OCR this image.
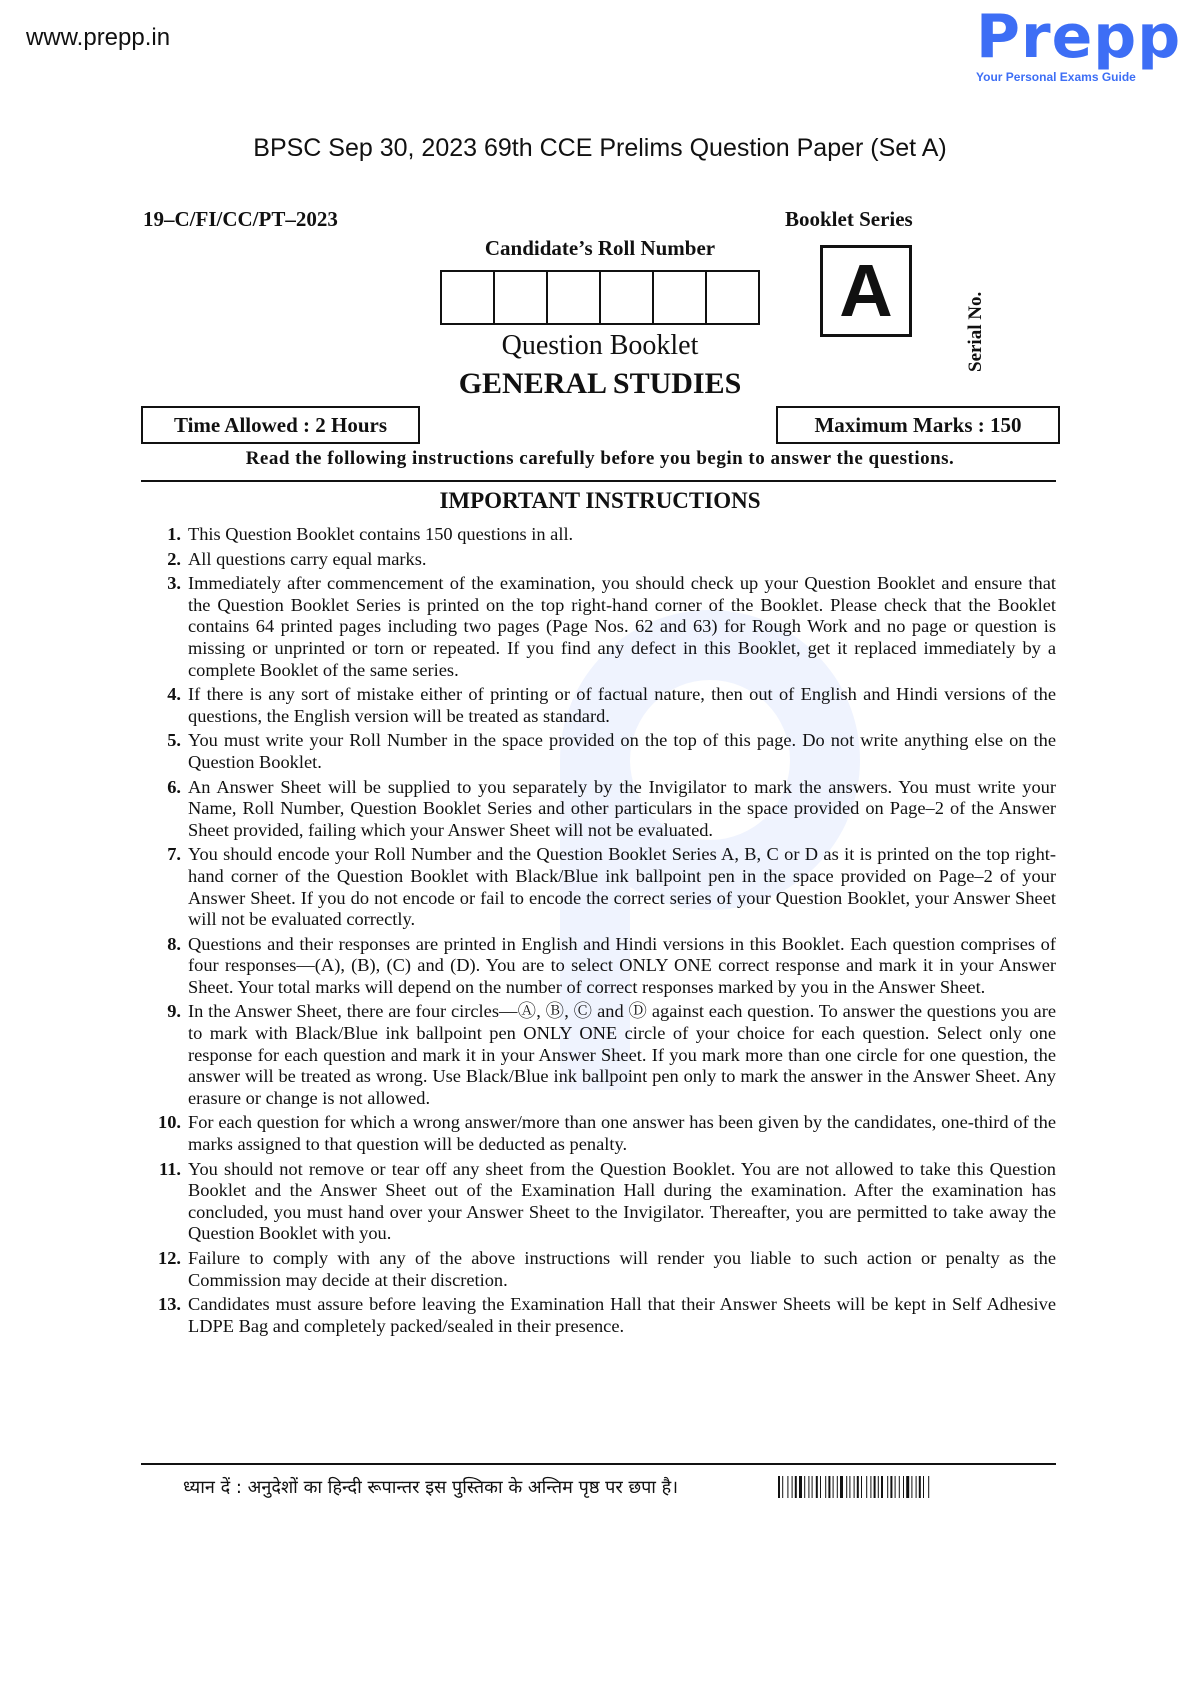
www.prepp.in	Prepp
Your Personal Exams Guide
BPSC Sep 30, 2023 69th CCE Prelims Question Paper (Set A)
19–C/FI/CC/PT–2023	Booklet Series
Candidate’s Roll Number
A	Serial No.
Question Booklet
GENERAL STUDIES
Time Allowed : 2 Hours	Maximum Marks : 150
Read the following instructions carefully before you begin to answer the questions.
IMPORTANT INSTRUCTIONS
1. This Question Booklet contains 150 questions in all.
2. All questions carry equal marks.
3. Immediately after commencement of the examination, you should check up your Question Booklet and ensure that the Question Booklet Series is printed on the top right-hand corner of the Booklet. Please check that the Booklet contains 64 printed pages including two pages (Page Nos. 62 and 63) for Rough Work and no page or question is missing or unprinted or torn or repeated. If you find any defect in this Booklet, get it replaced immediately by a complete Booklet of the same series.
4. If there is any sort of mistake either of printing or of factual nature, then out of English and Hindi versions of the questions, the English version will be treated as standard.
5. You must write your Roll Number in the space provided on the top of this page. Do not write anything else on the Question Booklet.
6. An Answer Sheet will be supplied to you separately by the Invigilator to mark the answers. You must write your Name, Roll Number, Question Booklet Series and other particulars in the space provided on Page–2 of the Answer Sheet provided, failing which your Answer Sheet will not be evaluated.
7. You should encode your Roll Number and the Question Booklet Series A, B, C or D as it is printed on the top right-hand corner of the Question Booklet with Black/Blue ink ballpoint pen in the space provided on Page–2 of your Answer Sheet. If you do not encode or fail to encode the correct series of your Question Booklet, your Answer Sheet will not be evaluated correctly.
8. Questions and their responses are printed in English and Hindi versions in this Booklet. Each question comprises of four responses—(A), (B), (C) and (D). You are to select ONLY ONE correct response and mark it in your Answer Sheet. Your total marks will depend on the number of correct responses marked by you in the Answer Sheet.
9. In the Answer Sheet, there are four circles—Ⓐ, Ⓑ, Ⓒ and Ⓓ against each question. To answer the questions you are to mark with Black/Blue ink ballpoint pen ONLY ONE circle of your choice for each question. Select only one response for each question and mark it in your Answer Sheet. If you mark more than one circle for one question, the answer will be treated as wrong. Use Black/Blue ink ballpoint pen only to mark the answer in the Answer Sheet. Any erasure or change is not allowed.
10. For each question for which a wrong answer/more than one answer has been given by the candidates, one-third of the marks assigned to that question will be deducted as penalty.
11. You should not remove or tear off any sheet from the Question Booklet. You are not allowed to take this Question Booklet and the Answer Sheet out of the Examination Hall during the examination. After the examination has concluded, you must hand over your Answer Sheet to the Invigilator. Thereafter, you are permitted to take away the Question Booklet with you.
12. Failure to comply with any of the above instructions will render you liable to such action or penalty as the Commission may decide at their discretion.
13. Candidates must assure before leaving the Examination Hall that their Answer Sheets will be kept in Self Adhesive LDPE Bag and completely packed/sealed in their presence.
ध्यान दें : अनुदेशों का हिन्दी रूपान्तर इस पुस्तिका के अन्तिम पृष्ठ पर छपा है।
